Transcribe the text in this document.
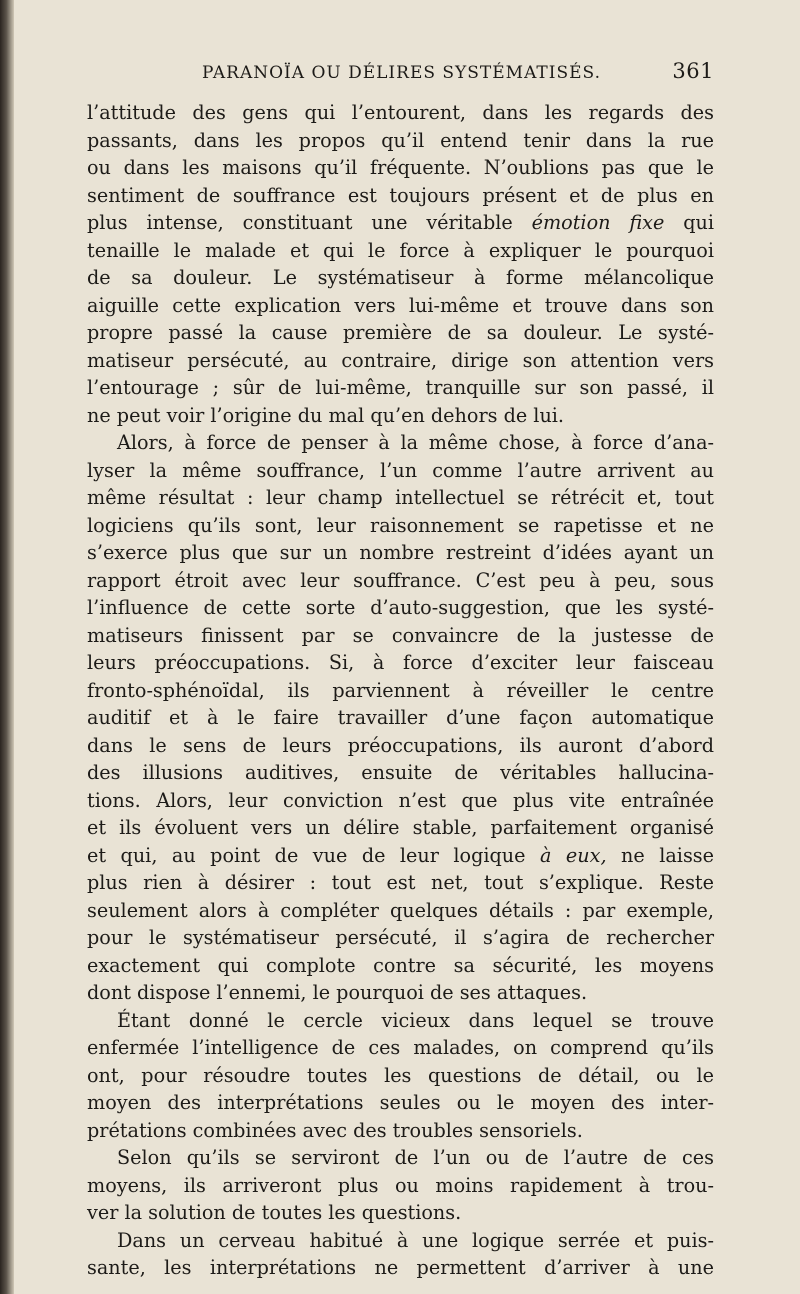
PARANOÏA OU DÉLIRES SYSTÉMATISÉS.	361
l’attitude des gens qui l’entourent, dans les regards des
passants, dans les propos qu’il entend tenir dans la rue
ou dans les maisons qu’il fréquente. N’oublions pas que le
sentiment de souffrance est toujours présent et de plus en
plus intense, constituant une véritable émotion fixe qui
tenaille le malade et qui le force à expliquer le pourquoi
de sa douleur. Le systématiseur à forme mélancolique
aiguille cette explication vers lui-même et trouve dans son
propre passé la cause première de sa douleur. Le systé-
matiseur persécuté, au contraire, dirige son attention vers
l’entourage ; sûr de lui-même, tranquille sur son passé, il
ne peut voir l’origine du mal qu’en dehors de lui.
Alors, à force de penser à la même chose, à force d’ana-
lyser la même souffrance, l’un comme l’autre arrivent au
même résultat : leur champ intellectuel se rétrécit et, tout
logiciens qu’ils sont, leur raisonnement se rapetisse et ne
s’exerce plus que sur un nombre restreint d’idées ayant un
rapport étroit avec leur souffrance. C’est peu à peu, sous
l’influence de cette sorte d’auto-suggestion, que les systé-
matiseurs finissent par se convaincre de la justesse de
leurs préoccupations. Si, à force d’exciter leur faisceau
fronto-sphénoïdal, ils parviennent à réveiller le centre
auditif et à le faire travailler d’une façon automatique
dans le sens de leurs préoccupations, ils auront d’abord
des illusions auditives, ensuite de véritables hallucina-
tions. Alors, leur conviction n’est que plus vite entraînée
et ils évoluent vers un délire stable, parfaitement organisé
et qui, au point de vue de leur logique à eux, ne laisse
plus rien à désirer : tout est net, tout s’explique. Reste
seulement alors à compléter quelques détails : par exemple,
pour le systématiseur persécuté, il s’agira de rechercher
exactement qui complote contre sa sécurité, les moyens
dont dispose l’ennemi, le pourquoi de ses attaques.
Étant donné le cercle vicieux dans lequel se trouve
enfermée l’intelligence de ces malades, on comprend qu’ils
ont, pour résoudre toutes les questions de détail, ou le
moyen des interprétations seules ou le moyen des inter-
prétations combinées avec des troubles sensoriels.
Selon qu’ils se serviront de l’un ou de l’autre de ces
moyens, ils arriveront plus ou moins rapidement à trou-
ver la solution de toutes les questions.
Dans un cerveau habitué à une logique serrée et puis-
sante, les interprétations ne permettent d’arriver à une
